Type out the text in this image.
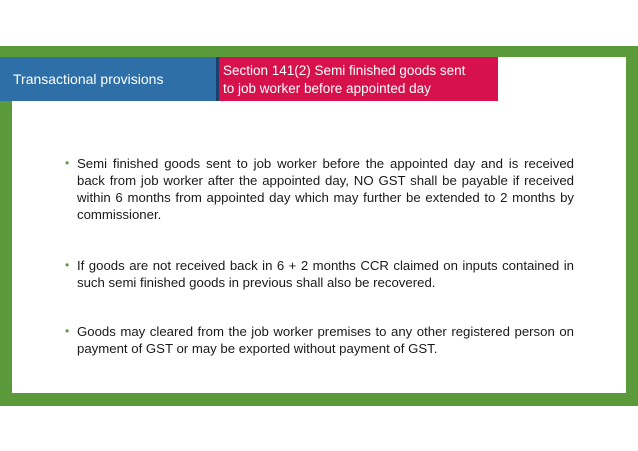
Transactional provisions
Section 141(2) Semi finished goods sent
to job worker before appointed day
• Semi finished goods sent to job worker before the appointed day and is received back from job worker after the appointed day, NO GST shall be payable if received within 6 months from appointed day which may further be extended to 2 months by commissioner.
• If goods are not received back in 6 + 2 months CCR claimed on inputs contained in such semi finished goods in previous shall also be recovered.
• Goods may cleared from the job worker premises to any other registered person on payment of GST or may be exported without payment of GST.
